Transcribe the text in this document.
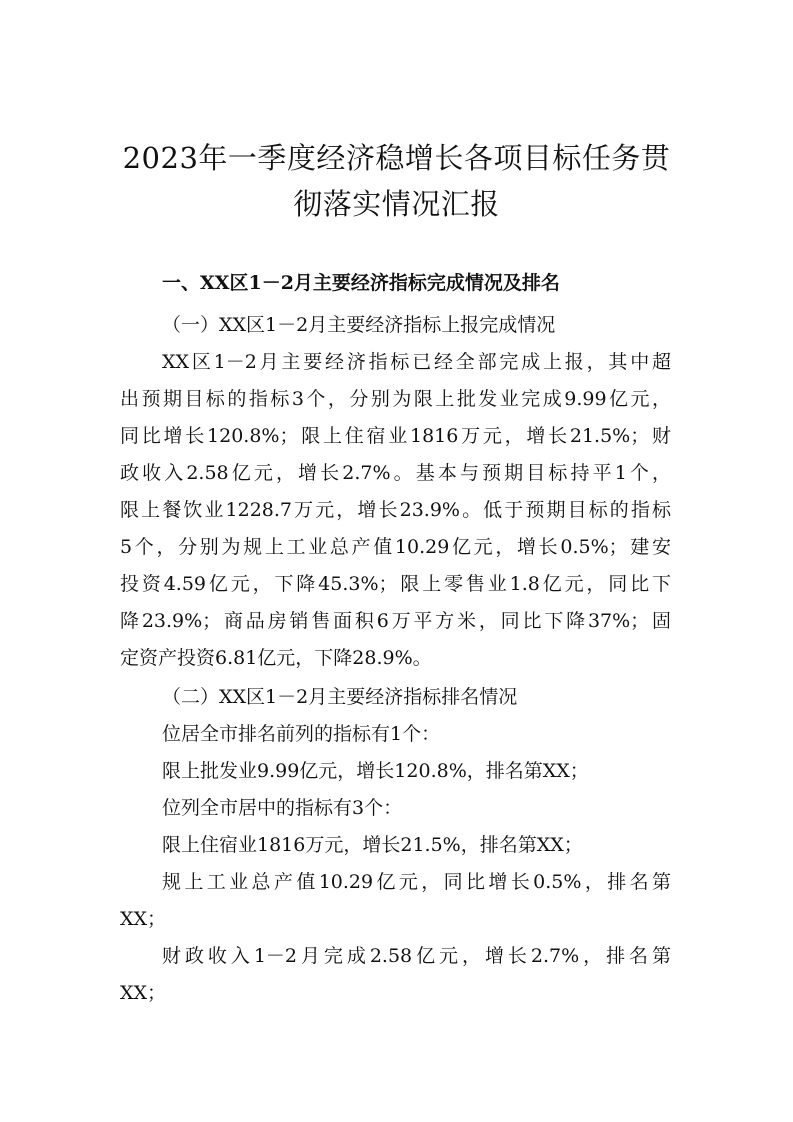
2023年一季度经济稳增长各项目标任务贯
彻落实情况汇报
一、XX区1－2月主要经济指标完成情况及排名
（一）XX区1－2月主要经济指标上报完成情况
XX区1－2月主要经济指标已经全部完成上报，其中超
出预期目标的指标3个，分别为限上批发业完成9.99亿元，
同比增长120.8%；限上住宿业1816万元，增长21.5%；财
政收入2.58亿元，增长2.7%。基本与预期目标持平1个，
限上餐饮业1228.7万元，增长23.9%。低于预期目标的指标
5个，分别为规上工业总产值10.29亿元，增长0.5%；建安
投资4.59亿元，下降45.3%；限上零售业1.8亿元，同比下
降23.9%；商品房销售面积6万平方米，同比下降37%；固
定资产投资6.81亿元，下降28.9%。
（二）XX区1－2月主要经济指标排名情况
位居全市排名前列的指标有1个：
限上批发业9.99亿元，增长120.8%，排名第XX；
位列全市居中的指标有3个：
限上住宿业1816万元，增长21.5%，排名第XX；
规上工业总产值10.29亿元，同比增长0.5%，排名第
XX；
财政收入1－2月完成2.58亿元，增长2.7%，排名第
XX；
